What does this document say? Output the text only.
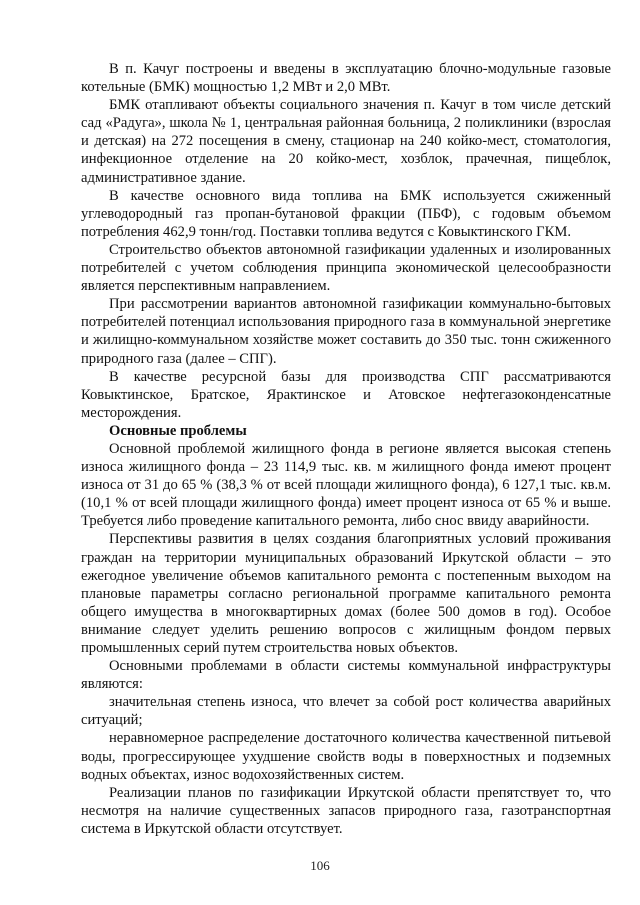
В п. Качуг построены и введены в эксплуатацию блочно-модульные газовые котельные (БМК) мощностью 1,2 МВт и 2,0 МВт.

БМК отапливают объекты социального значения п. Качуг в том числе детский сад «Радуга», школа № 1, центральная районная больница, 2 поликлиники (взрослая и детская) на 272 посещения в смену, стационар на 240 койко-мест, стоматология, инфекционное отделение на 20 койко-мест, хозблок, прачечная, пищеблок, административное здание.

В качестве основного вида топлива на БМК используется сжиженный углеводородный газ пропан-бутановой фракции (ПБФ), с годовым объемом потребления 462,9 тонн/год. Поставки топлива ведутся с Ковыктинского ГКМ.

Строительство объектов автономной газификации удаленных и изолированных потребителей с учетом соблюдения принципа экономической целесообразности является перспективным направлением.

При рассмотрении вариантов автономной газификации коммунально-бытовых потребителей потенциал использования природного газа в коммунальной энергетике и жилищно-коммунальном хозяйстве может составить до 350 тыс. тонн сжиженного природного газа (далее – СПГ).

В качестве ресурсной базы для производства СПГ рассматриваются Ковыктинское, Братское, Ярактинское и Атовское нефтегазоконденсатные месторождения.

Основные проблемы

Основной проблемой жилищного фонда в регионе является высокая степень износа жилищного фонда – 23 114,9 тыс. кв. м жилищного фонда имеют процент износа от 31 до 65 % (38,3 % от всей площади жилищного фонда), 6 127,1 тыс. кв.м. (10,1 % от всей площади жилищного фонда) имеет процент износа от 65 % и выше. Требуется либо проведение капитального ремонта, либо снос ввиду аварийности.

Перспективы развития в целях создания благоприятных условий проживания граждан на территории муниципальных образований Иркутской области – это ежегодное увеличение объемов капитального ремонта с постепенным выходом на плановые параметры согласно региональной программе капитального ремонта общего имущества в многоквартирных домах (более 500 домов в год). Особое внимание следует уделить решению вопросов с жилищным фондом первых промышленных серий путем строительства новых объектов.

Основными проблемами в области системы коммунальной инфраструктуры являются:

значительная степень износа, что влечет за собой рост количества аварийных ситуаций;

неравномерное распределение достаточного количества качественной питьевой воды, прогрессирующее ухудшение свойств воды в поверхностных и подземных водных объектах, износ водохозяйственных систем.

Реализации планов по газификации Иркутской области препятствует то, что несмотря на наличие существенных запасов природного газа, газотранспортная система в Иркутской области отсутствует.

106
